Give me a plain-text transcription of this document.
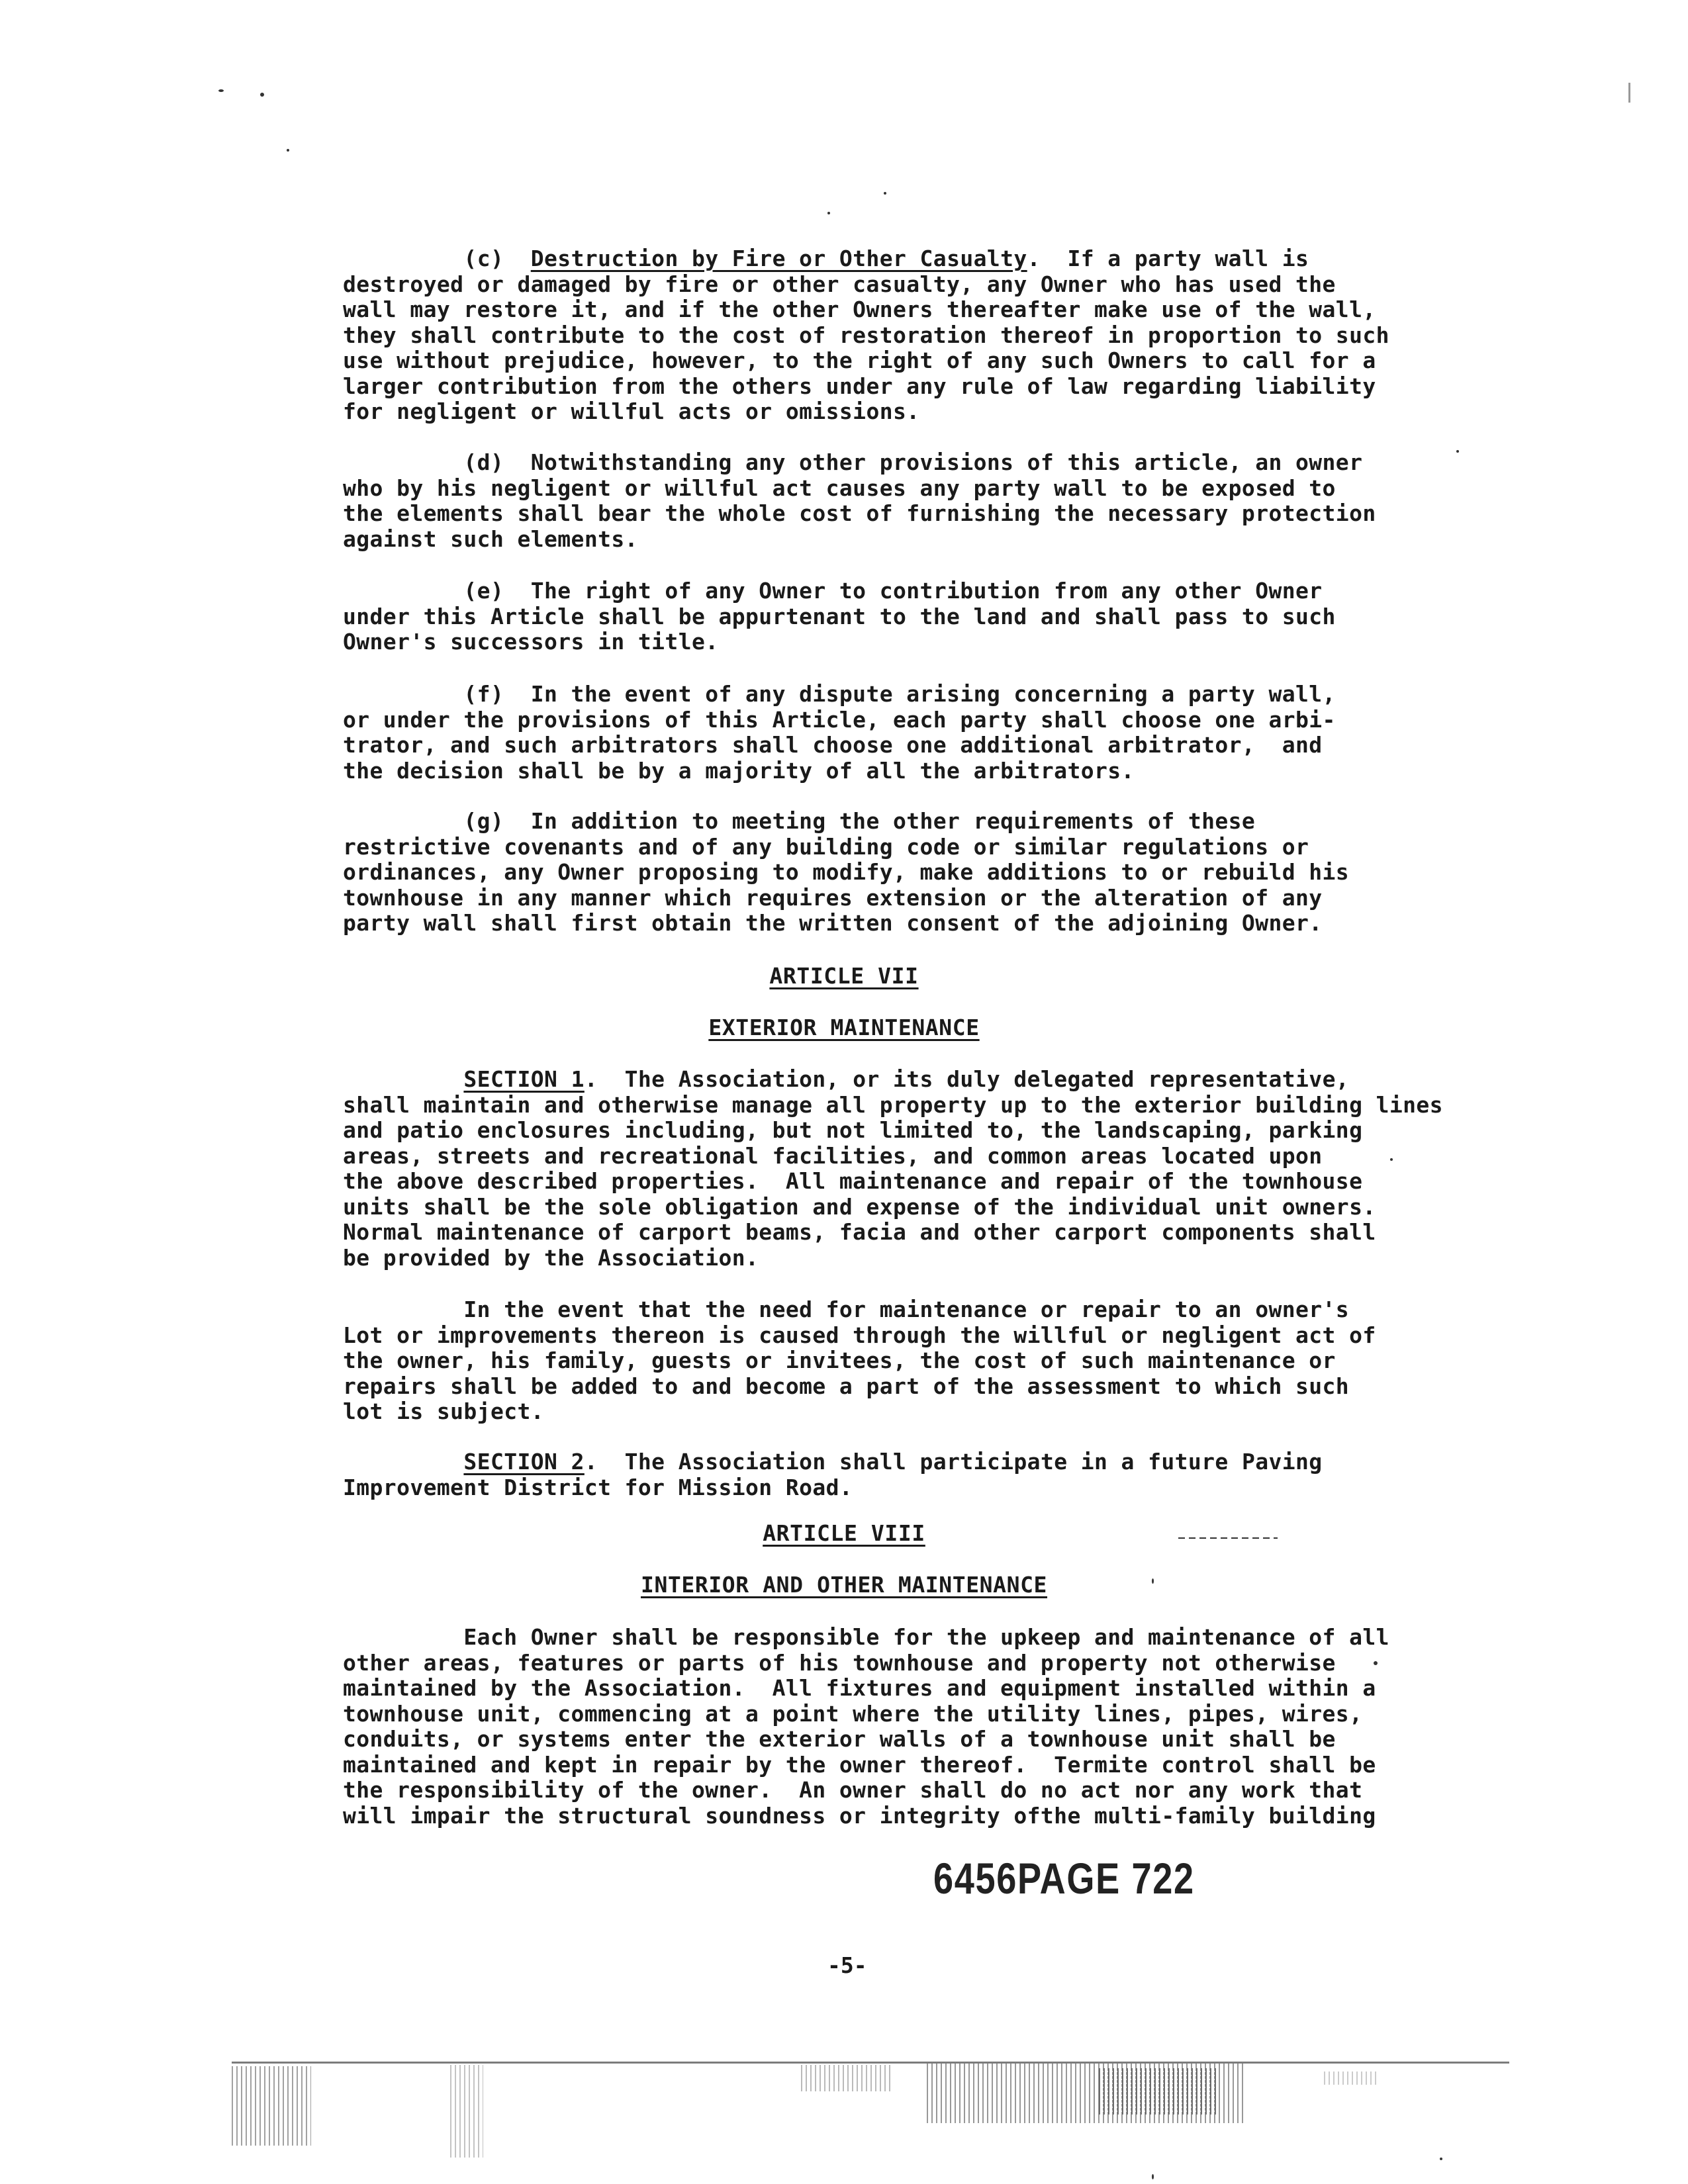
(c)  Destruction by Fire or Other Casualty.  If a party wall is
destroyed or damaged by fire or other casualty, any Owner who has used the
wall may restore it, and if the other Owners thereafter make use of the wall,
they shall contribute to the cost of restoration thereof in proportion to such
use without prejudice, however, to the right of any such Owners to call for a
larger contribution from the others under any rule of law regarding liability
for negligent or willful acts or omissions.
(d)  Notwithstanding any other provisions of this article, an owner
who by his negligent or willful act causes any party wall to be exposed to
the elements shall bear the whole cost of furnishing the necessary protection
against such elements.
(e)  The right of any Owner to contribution from any other Owner
under this Article shall be appurtenant to the land and shall pass to such
Owner's successors in title.
(f)  In the event of any dispute arising concerning a party wall,
or under the provisions of this Article, each party shall choose one arbi-
trator, and such arbitrators shall choose one additional arbitrator,  and
the decision shall be by a majority of all the arbitrators.
(g)  In addition to meeting the other requirements of these
restrictive covenants and of any building code or similar regulations or
ordinances, any Owner proposing to modify, make additions to or rebuild his
townhouse in any manner which requires extension or the alteration of any
party wall shall first obtain the written consent of the adjoining Owner.
ARTICLE VII
EXTERIOR MAINTENANCE
SECTION 1.  The Association, or its duly delegated representative,
shall maintain and otherwise manage all property up to the exterior building lines
and patio enclosures including, but not limited to, the landscaping, parking
areas, streets and recreational facilities, and common areas located upon
the above described properties.  All maintenance and repair of the townhouse
units shall be the sole obligation and expense of the individual unit owners.
Normal maintenance of carport beams, facia and other carport components shall
be provided by the Association.
In the event that the need for maintenance or repair to an owner's
Lot or improvements thereon is caused through the willful or negligent act of
the owner, his family, guests or invitees, the cost of such maintenance or
repairs shall be added to and become a part of the assessment to which such
lot is subject.
SECTION 2.  The Association shall participate in a future Paving
Improvement District for Mission Road.
ARTICLE VIII
INTERIOR AND OTHER MAINTENANCE
Each Owner shall be responsible for the upkeep and maintenance of all
other areas, features or parts of his townhouse and property not otherwise
maintained by the Association.  All fixtures and equipment installed within a
townhouse unit, commencing at a point where the utility lines, pipes, wires,
conduits, or systems enter the exterior walls of a townhouse unit shall be
maintained and kept in repair by the owner thereof.  Termite control shall be
the responsibility of the owner.  An owner shall do no act nor any work that
will impair the structural soundness or integrity ofthe multi-family building
6456PAGE 722
-5-
